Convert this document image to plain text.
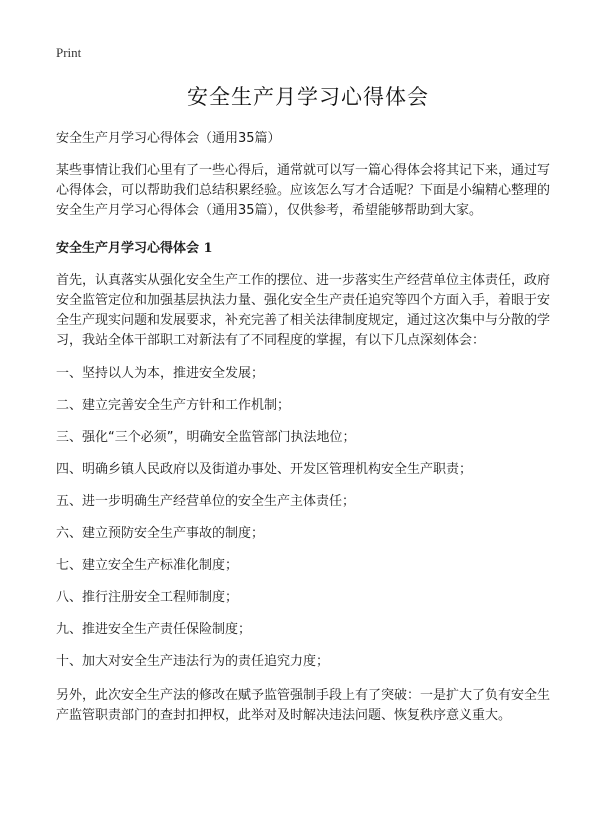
Print
安全生产月学习心得体会

安全生产月学习心得体会（通用35篇）

某些事情让我们心里有了一些心得后，通常就可以写一篇心得体会将其记下来，通过写心得体会，可以帮助我们总结积累经验。应该怎么写才合适呢？下面是小编精心整理的安全生产月学习心得体会（通用35篇），仅供参考，希望能够帮助到大家。

安全生产月学习心得体会 1

首先，认真落实从强化安全生产工作的摆位、进一步落实生产经营单位主体责任，政府安全监管定位和加强基层执法力量、强化安全生产责任追究等四个方面入手，着眼于安全生产现实问题和发展要求，补充完善了相关法律制度规定，通过这次集中与分散的学习，我站全体干部职工对新法有了不同程度的掌握，有以下几点深刻体会：

一、坚持以人为本，推进安全发展；

二、建立完善安全生产方针和工作机制；

三、强化“三个必须”，明确安全监管部门执法地位；

四、明确乡镇人民政府以及街道办事处、开发区管理机构安全生产职责；

五、进一步明确生产经营单位的安全生产主体责任；

六、建立预防安全生产事故的制度；

七、建立安全生产标准化制度；

八、推行注册安全工程师制度；

九、推进安全生产责任保险制度；

十、加大对安全生产违法行为的责任追究力度；

另外，此次安全生产法的修改在赋予监管强制手段上有了突破：一是扩大了负有安全生产监管职责部门的查封扣押权，此举对及时解决违法问题、恢复秩序意义重大。
